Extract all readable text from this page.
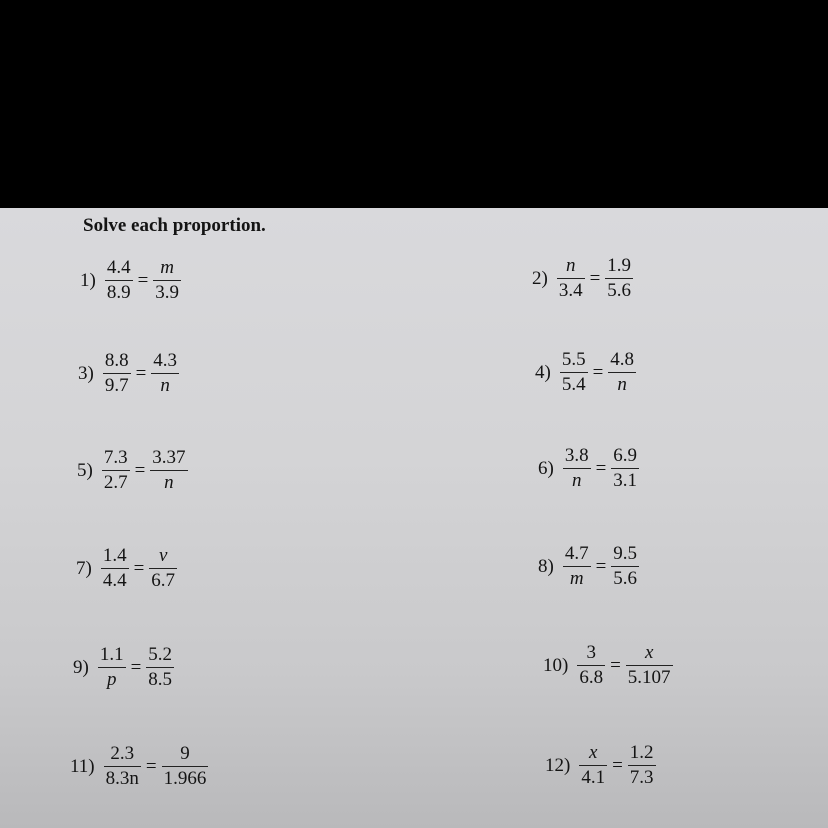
Solve each proportion.
$1) \frac{4.4}{8.9} = \frac{m}{3.9}$	$2) \frac{n}{3.4} = \frac{1.9}{5.6}$
$3) \frac{8.8}{9.7} = \frac{4.3}{n}$	$4) \frac{5.5}{5.4} = \frac{4.8}{n}$
$5) \frac{7.3}{2.7} = \frac{3.37}{n}$	$6) \frac{3.8}{n} = \frac{6.9}{3.1}$
$7) \frac{1.4}{4.4} = \frac{v}{6.7}$	$8) \frac{4.7}{m} = \frac{9.5}{5.6}$
$9) \frac{1.1}{p} = \frac{5.2}{8.5}$	$10) \frac{3}{6.8} = \frac{x}{5.107}$
$11) \frac{2.3}{8.3n} = \frac{9}{1.966}$	$12) \frac{x}{4.1} = \frac{1.2}{7.3}$
